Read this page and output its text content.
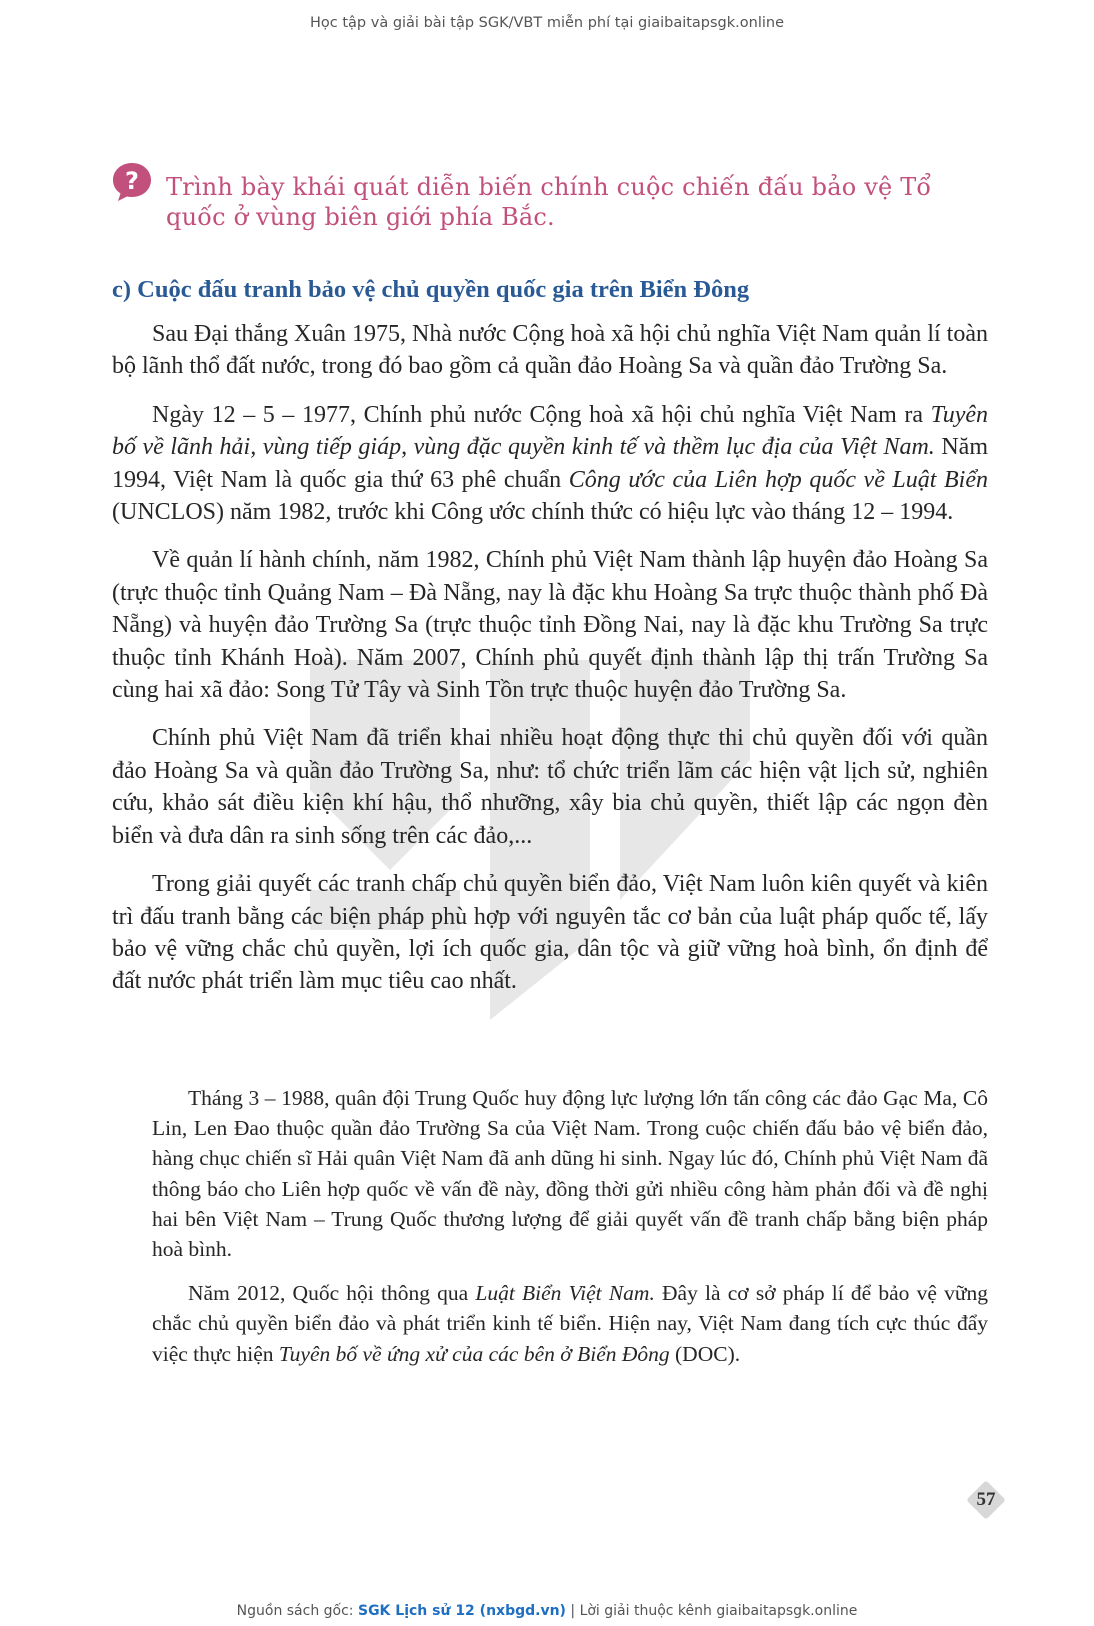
Học tập và giải bài tập SGK/VBT miễn phí tại giaibaitapsgk.online
? Trình bày khái quát diễn biến chính cuộc chiến đấu bảo vệ Tổ quốc ở vùng biên giới phía Bắc.
c) Cuộc đấu tranh bảo vệ chủ quyền quốc gia trên Biển Đông

Sau Đại thắng Xuân 1975, Nhà nước Cộng hoà xã hội chủ nghĩa Việt Nam quản lí toàn bộ lãnh thổ đất nước, trong đó bao gồm cả quần đảo Hoàng Sa và quần đảo Trường Sa.

Ngày 12 – 5 – 1977, Chính phủ nước Cộng hoà xã hội chủ nghĩa Việt Nam ra Tuyên bố về lãnh hải, vùng tiếp giáp, vùng đặc quyền kinh tế và thềm lục địa của Việt Nam. Năm 1994, Việt Nam là quốc gia thứ 63 phê chuẩn Công ước của Liên hợp quốc về Luật Biển (UNCLOS) năm 1982, trước khi Công ước chính thức có hiệu lực vào tháng 12 – 1994.

Về quản lí hành chính, năm 1982, Chính phủ Việt Nam thành lập huyện đảo Hoàng Sa (trực thuộc tỉnh Quảng Nam – Đà Nẵng, nay là đặc khu Hoàng Sa trực thuộc thành phố Đà Nẵng) và huyện đảo Trường Sa (trực thuộc tỉnh Đồng Nai, nay là đặc khu Trường Sa trực thuộc tỉnh Khánh Hoà). Năm 2007, Chính phủ quyết định thành lập thị trấn Trường Sa cùng hai xã đảo: Song Tử Tây và Sinh Tồn trực thuộc huyện đảo Trường Sa.

Chính phủ Việt Nam đã triển khai nhiều hoạt động thực thi chủ quyền đối với quần đảo Hoàng Sa và quần đảo Trường Sa, như: tổ chức triển lãm các hiện vật lịch sử, nghiên cứu, khảo sát điều kiện khí hậu, thổ nhưỡng, xây bia chủ quyền, thiết lập các ngọn đèn biển và đưa dân ra sinh sống trên các đảo,...

Trong giải quyết các tranh chấp chủ quyền biển đảo, Việt Nam luôn kiên quyết và kiên trì đấu tranh bằng các biện pháp phù hợp với nguyên tắc cơ bản của luật pháp quốc tế, lấy bảo vệ vững chắc chủ quyền, lợi ích quốc gia, dân tộc và giữ vững hoà bình, ổn định để đất nước phát triển làm mục tiêu cao nhất.

Tháng 3 – 1988, quân đội Trung Quốc huy động lực lượng lớn tấn công các đảo Gạc Ma, Cô Lin, Len Đao thuộc quần đảo Trường Sa của Việt Nam. Trong cuộc chiến đấu bảo vệ biển đảo, hàng chục chiến sĩ Hải quân Việt Nam đã anh dũng hi sinh. Ngay lúc đó, Chính phủ Việt Nam đã thông báo cho Liên hợp quốc về vấn đề này, đồng thời gửi nhiều công hàm phản đối và đề nghị hai bên Việt Nam – Trung Quốc thương lượng để giải quyết vấn đề tranh chấp bằng biện pháp hoà bình.

Năm 2012, Quốc hội thông qua Luật Biển Việt Nam. Đây là cơ sở pháp lí để bảo vệ vững chắc chủ quyền biển đảo và phát triển kinh tế biển. Hiện nay, Việt Nam đang tích cực thúc đẩy việc thực hiện Tuyên bố về ứng xử của các bên ở Biển Đông (DOC).

57
Nguồn sách gốc: SGK Lịch sử 12 (nxbgd.vn) | Lời giải thuộc kênh giaibaitapsgk.online
